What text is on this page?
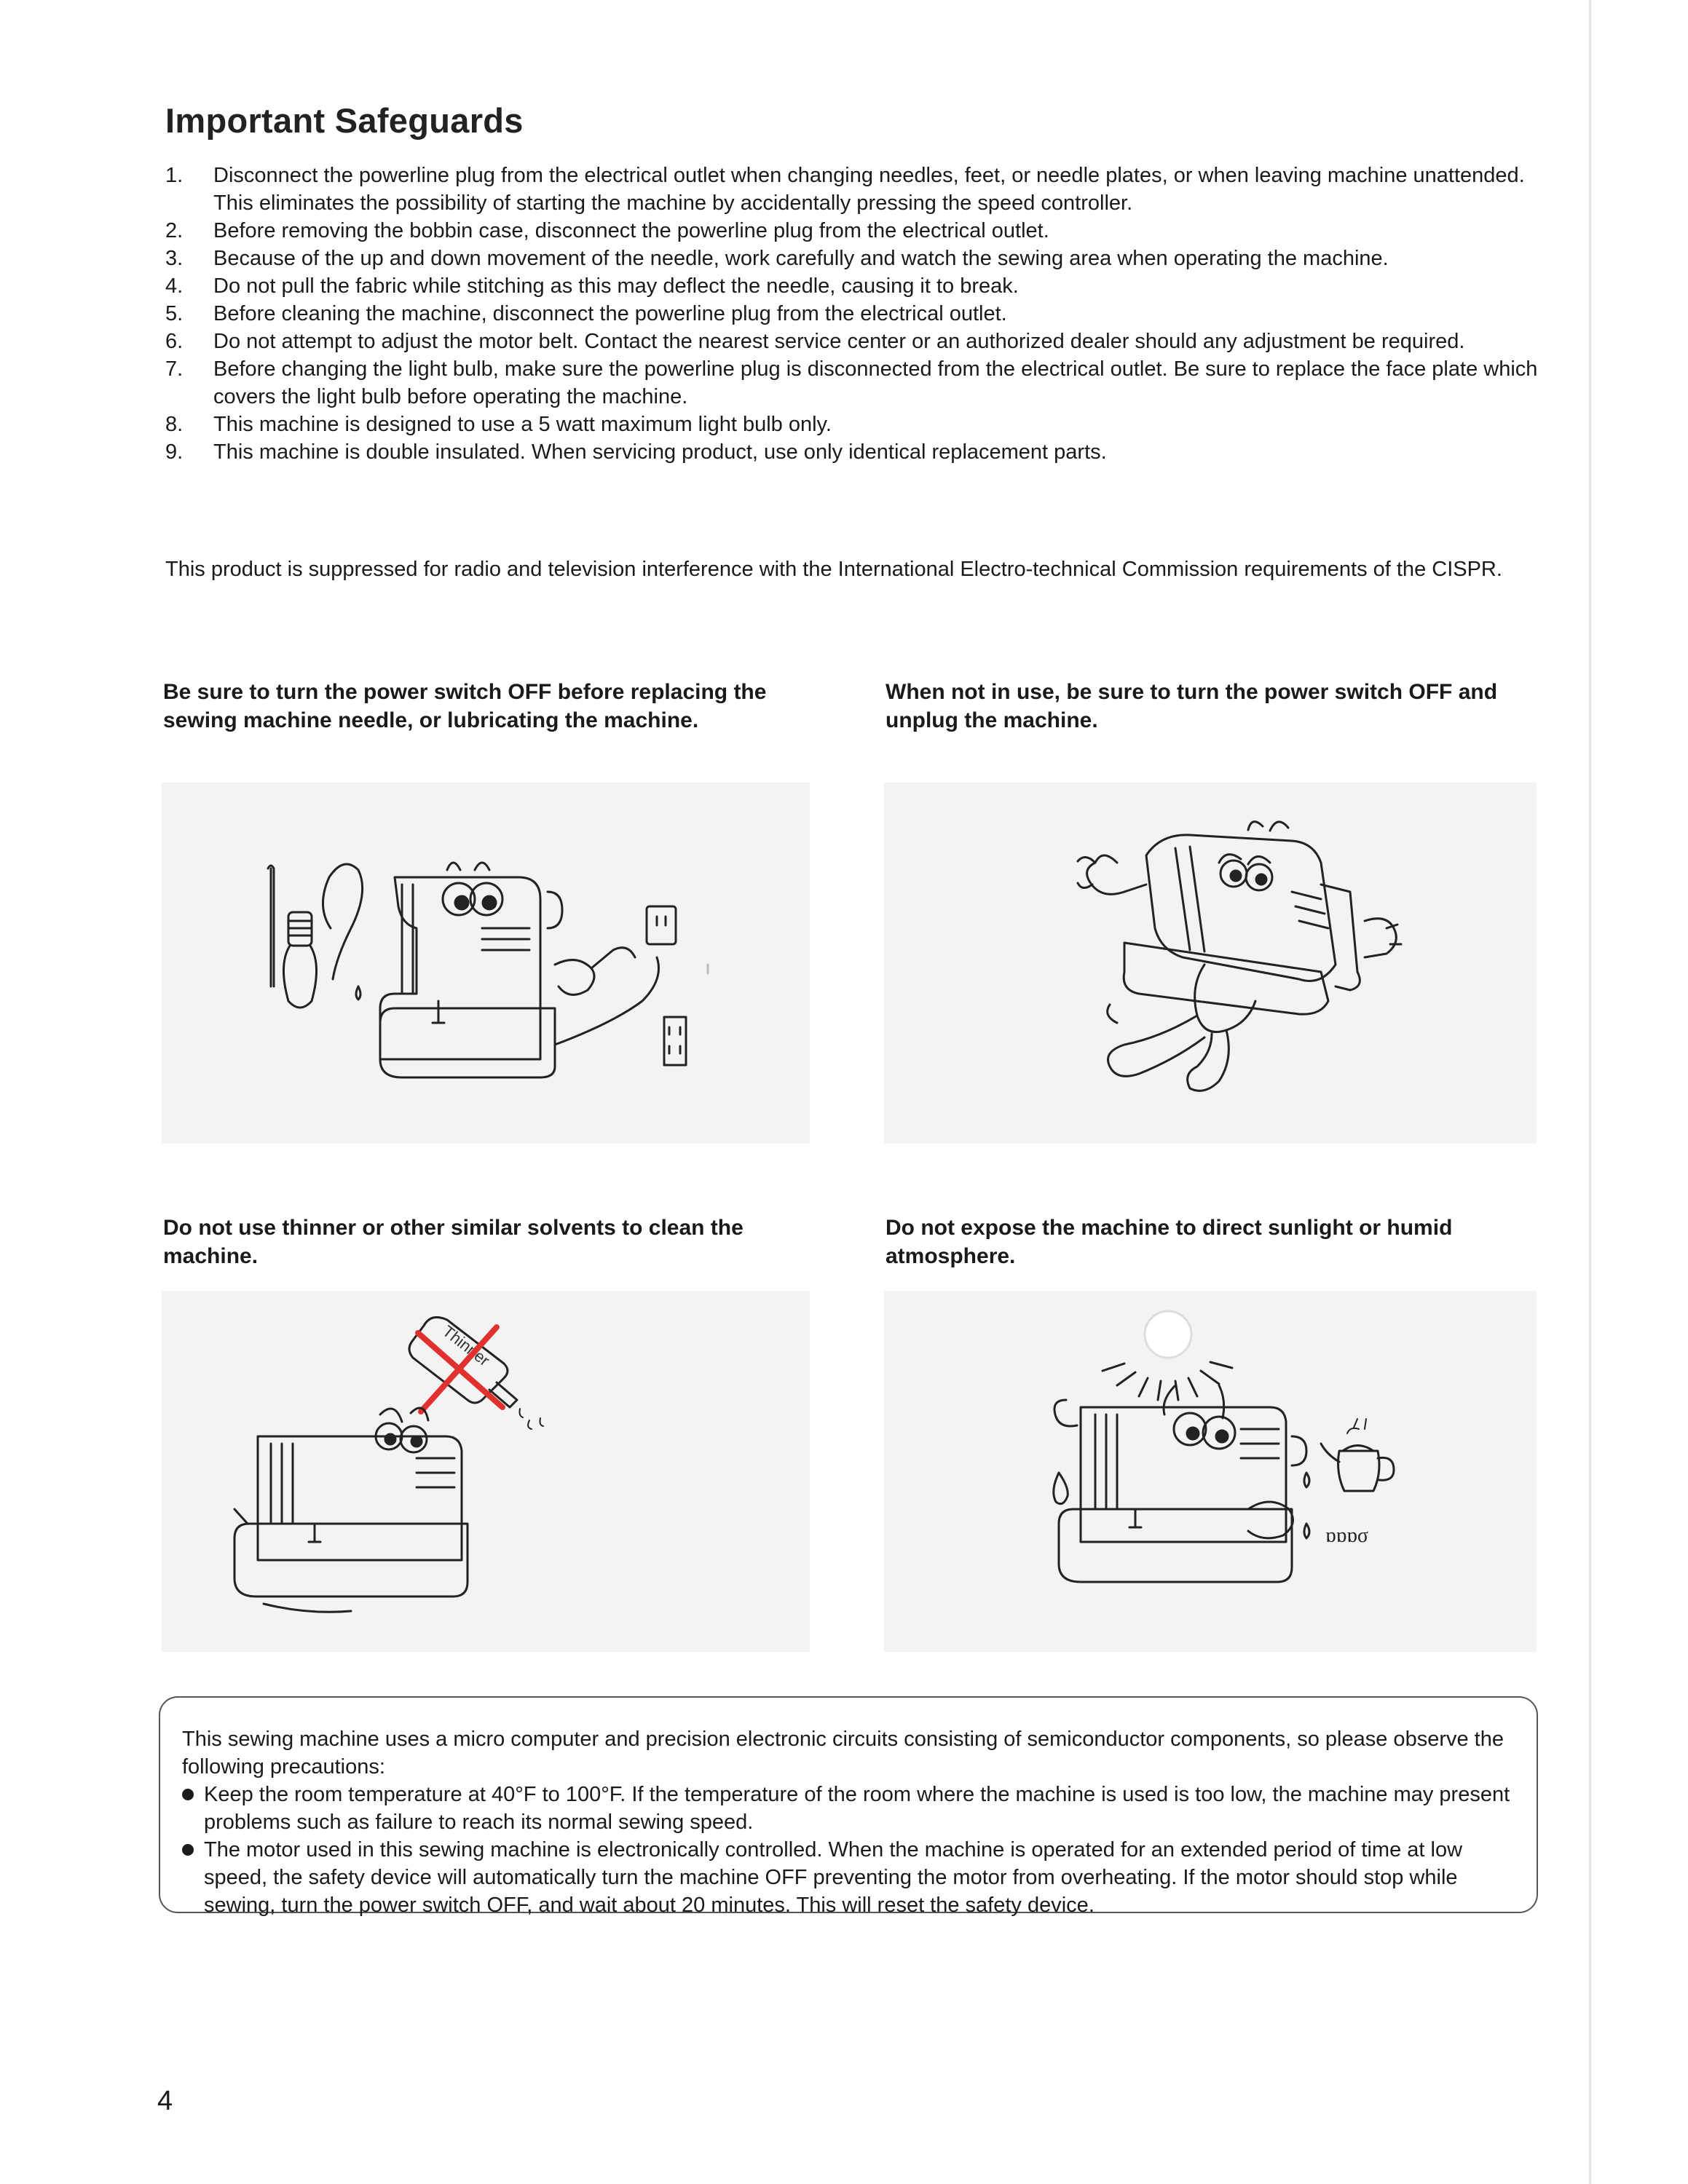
Important Safeguards
1.	Disconnect the powerline plug from the electrical outlet when changing needles, feet, or needle plates, or when leaving machine unattended. This eliminates the possibility of starting the machine by accidentally pressing the speed controller.
2.	Before removing the bobbin case, disconnect the powerline plug from the electrical outlet.
3.	Because of the up and down movement of the needle, work carefully and watch the sewing area when operating the machine.
4.	Do not pull the fabric while stitching as this may deflect the needle, causing it to break.
5.	Before cleaning the machine, disconnect the powerline plug from the electrical outlet.
6.	Do not attempt to adjust the motor belt. Contact the nearest service center or an authorized dealer should any adjustment be required.
7.	Before changing the light bulb, make sure the powerline plug is disconnected from the electrical outlet. Be sure to replace the face plate which covers the light bulb before operating the machine.
8.	This machine is designed to use a 5 watt maximum light bulb only.
9.	This machine is double insulated. When servicing product, use only identical replacement parts.

This product is suppressed for radio and television interference with the International Electro-technical Commission requirements of the CISPR.

Be sure to turn the power switch OFF before replacing the sewing machine needle, or lubricating the machine.

When not in use, be sure to turn the power switch OFF and unplug the machine.

Do not use thinner or other similar solvents to clean the machine.

Thinner

Do not expose the machine to direct sunlight or humid atmosphere.

ɒɒɒσ

This sewing machine uses a micro computer and precision electronic circuits consisting of semiconductor components, so please observe the following precautions:

Keep the room temperature at 40°F to 100°F. If the temperature of the room where the machine is used is too low, the machine may present problems such as failure to reach its normal sewing speed.
The motor used in this sewing machine is electronically controlled. When the machine is operated for an extended period of time at low speed, the safety device will automatically turn the machine OFF preventing the motor from overheating. If the motor should stop while sewing, turn the power switch OFF, and wait about 20 minutes. This will reset the safety device.
4
